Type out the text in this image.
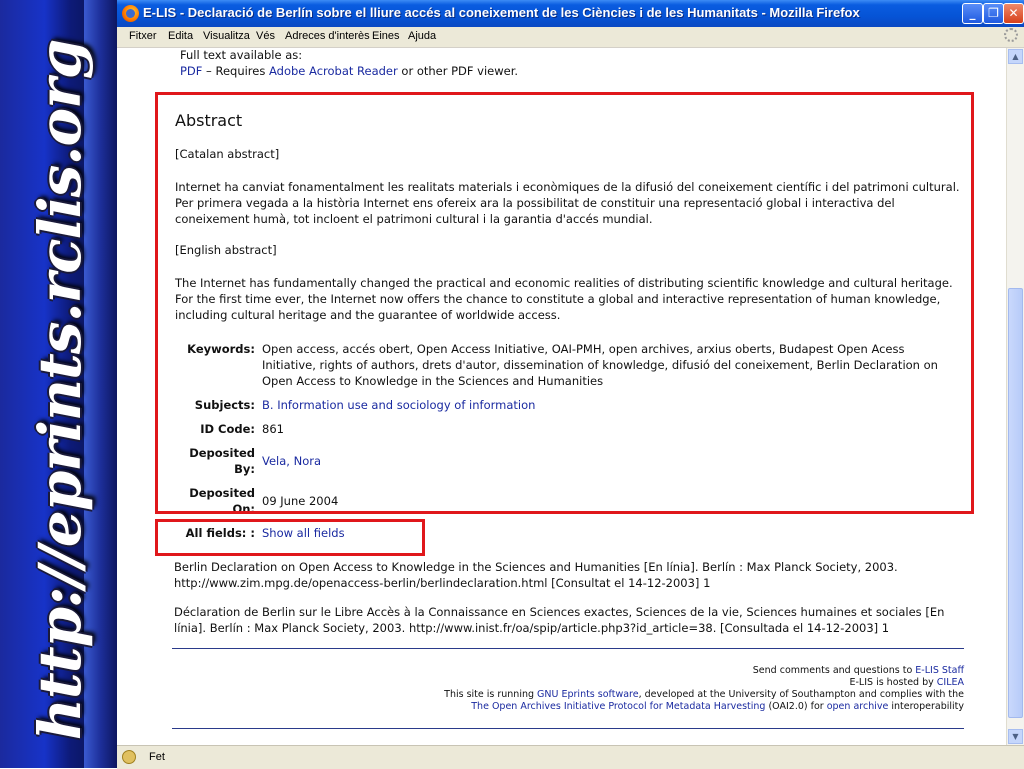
http://eprints.rclis.org
E-LIS - Declaració de Berlín sobre el lliure accés al coneixement de les Ciències i de les Humanitats - Mozilla Firefox	_	❐ ✕
Fitxer Edita Visualitza Vés Adreces d'interès Eines Ajuda
Full text available as:
PDF – Requires Adobe Acrobat Reader or other PDF viewer.
Abstract
[Catalan abstract]
Internet ha canviat fonamentalment les realitats materials i econòmiques de la difusió del coneixement científic i del patrimoni cultural. Per primera vegada a la història Internet ens ofereix ara la possibilitat de constituir una representació global i interactiva del coneixement humà, tot incloent el patrimoni cultural i la garantia d'accés mundial.
[English abstract]
The Internet has fundamentally changed the practical and economic realities of distributing scientific knowledge and cultural heritage. For the first time ever, the Internet now offers the chance to constitute a global and interactive representation of human knowledge, including cultural heritage and the guarantee of worldwide access.
Keywords: Open access, accés obert, Open Access Initiative, OAI-PMH, open archives, arxius oberts, Budapest Open Acess Initiative, rights of authors, drets d'autor, dissemination of knowledge, difusió del coneixement, Berlin Declaration on Open Access to Knowledge in the Sciences and Humanities
Subjects: B. Information use and sociology of information
ID Code: 861
Deposited By:
Vela, Nora
Deposited On:
09 June 2004
All fields: : Show all fields
Berlin Declaration on Open Access to Knowledge in the Sciences and Humanities [En línia]. Berlín : Max Planck Society, 2003. http://www.zim.mpg.de/openaccess-berlin/berlindeclaration.html [Consultat el 14-12-2003] 1
Déclaration de Berlin sur le Libre Accès à la Connaissance en Sciences exactes, Sciences de la vie, Sciences humaines et sociales [En línia]. Berlín : Max Planck Society, 2003. http://www.inist.fr/oa/spip/article.php3?id_article=38. [Consultada el 14-12-2003] 1
Send comments and questions to E-LIS Staff
E-LIS is hosted by CILEA
This site is running GNU Eprints software, developed at the University of Southampton and complies with the
The Open Archives Initiative Protocol for Metadata Harvesting (OAI2.0) for open archive interoperability
▲
▼
Fet
